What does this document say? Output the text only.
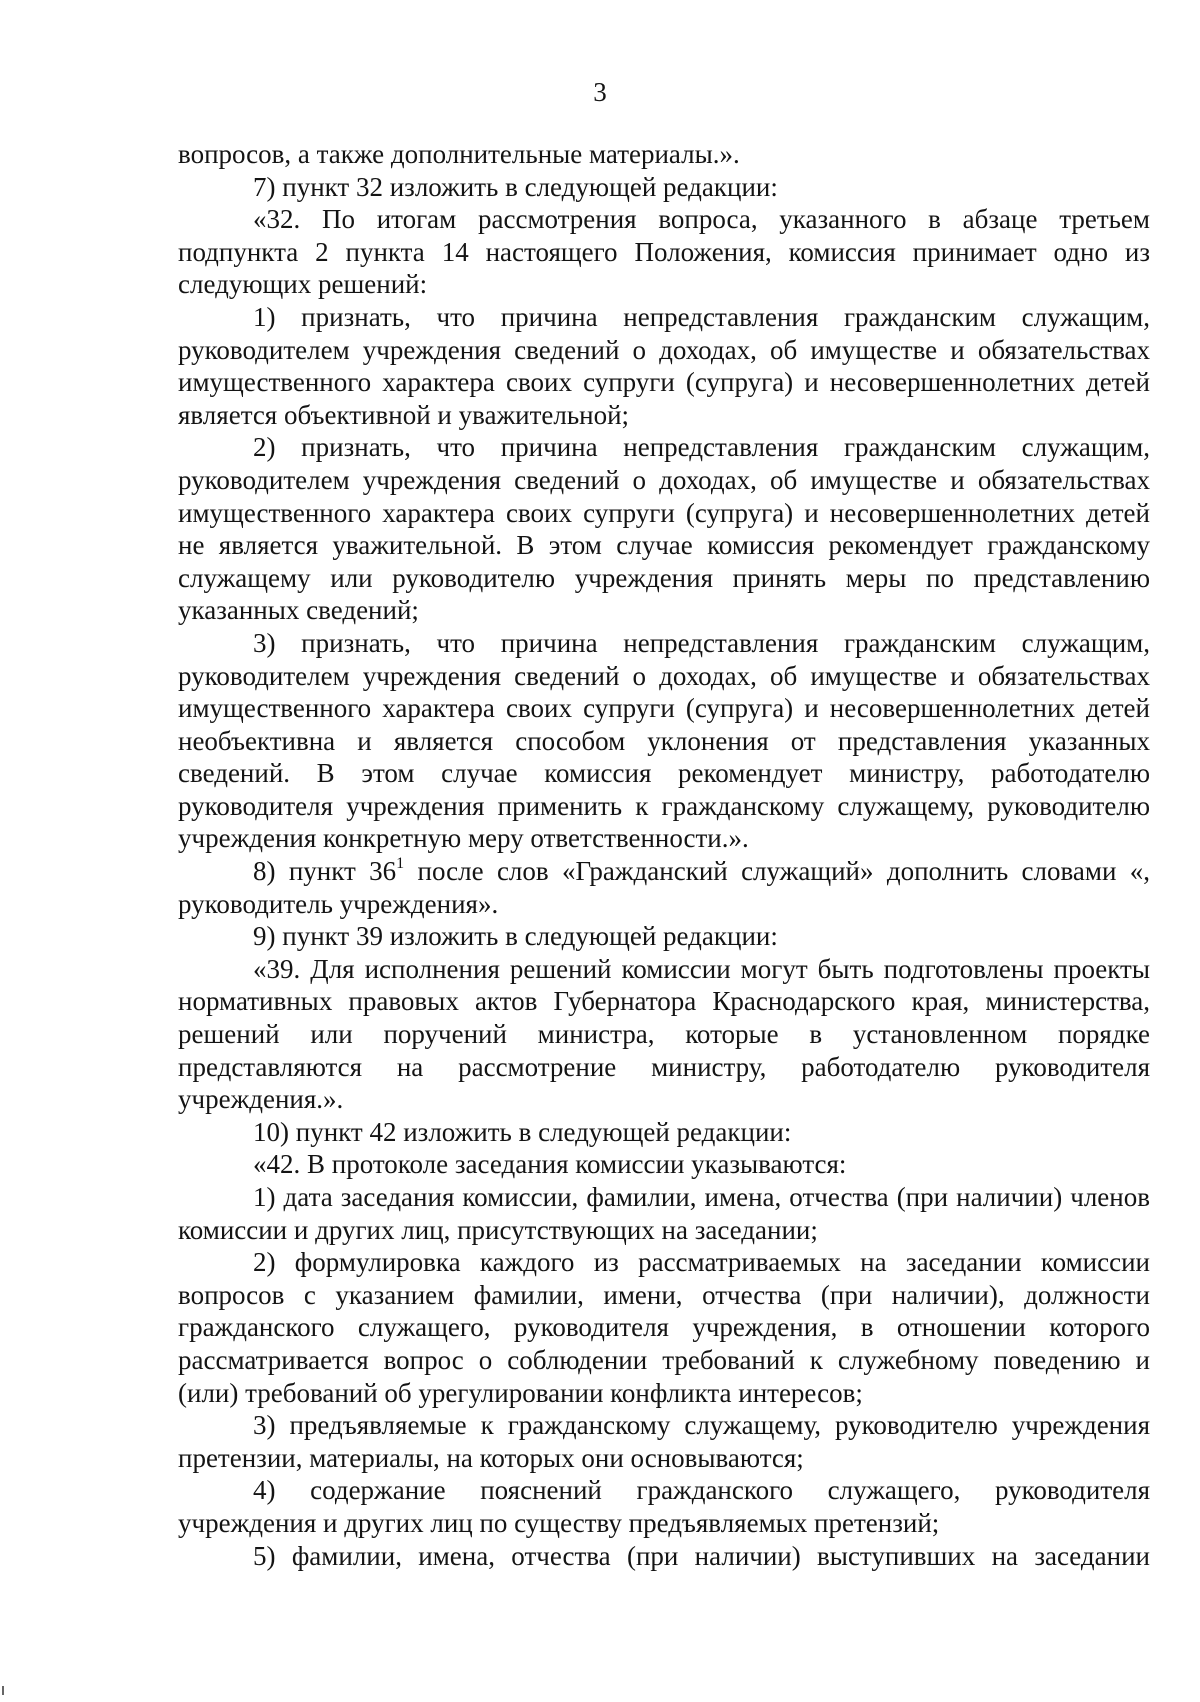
3

вопросов, а также дополнительные материалы.».

7) пункт 32 изложить в следующей редакции:

«32. По итогам рассмотрения вопроса, указанного в абзаце третьем подпункта 2 пункта 14 настоящего Положения, комиссия принимает одно из следующих решений:

1) признать, что причина непредставления гражданским служащим, руководителем учреждения сведений о доходах, об имуществе и обязательствах имущественного характера своих супруги (супруга) и несовершеннолетних детей является объективной и уважительной;

2) признать, что причина непредставления гражданским служащим, руководителем учреждения сведений о доходах, об имуществе и обязательствах имущественного характера своих супруги (супруга) и несовершеннолетних детей не является уважительной. В этом случае комиссия рекомендует гражданскому служащему или руководителю учреждения принять меры по представлению указанных сведений;

3) признать, что причина непредставления гражданским служащим, руководителем учреждения сведений о доходах, об имуществе и обязательствах имущественного характера своих супруги (супруга) и несовершеннолетних детей необъективна и является способом уклонения от представления указанных сведений. В этом случае комиссия рекомендует министру, работодателю руководителя учреждения применить к гражданскому служащему, руководителю учреждения конкретную меру ответственности.».

8) пункт $36^1$ после слов «Гражданский служащий» дополнить словами «, руководитель учреждения».

9) пункт 39 изложить в следующей редакции:

«39. Для исполнения решений комиссии могут быть подготовлены проекты нормативных правовых актов Губернатора Краснодарского края, министерства, решений или поручений министра, которые в установленном порядке представляются на рассмотрение министру, работодателю руководителя учреждения.».

10) пункт 42 изложить в следующей редакции:

«42. В протоколе заседания комиссии указываются:

1) дата заседания комиссии, фамилии, имена, отчества (при наличии) членов комиссии и других лиц, присутствующих на заседании;

2) формулировка каждого из рассматриваемых на заседании комиссии вопросов с указанием фамилии, имени, отчества (при наличии), должности гражданского служащего, руководителя учреждения, в отношении которого рассматривается вопрос о соблюдении требований к служебному поведению и (или) требований об урегулировании конфликта интересов;

3) предъявляемые к гражданскому служащему, руководителю учреждения претензии, материалы, на которых они основываются;

4) содержание пояснений гражданского служащего, руководителя учреждения и других лиц по существу предъявляемых претензий;

5) фамилии, имена, отчества (при наличии) выступивших на заседании
